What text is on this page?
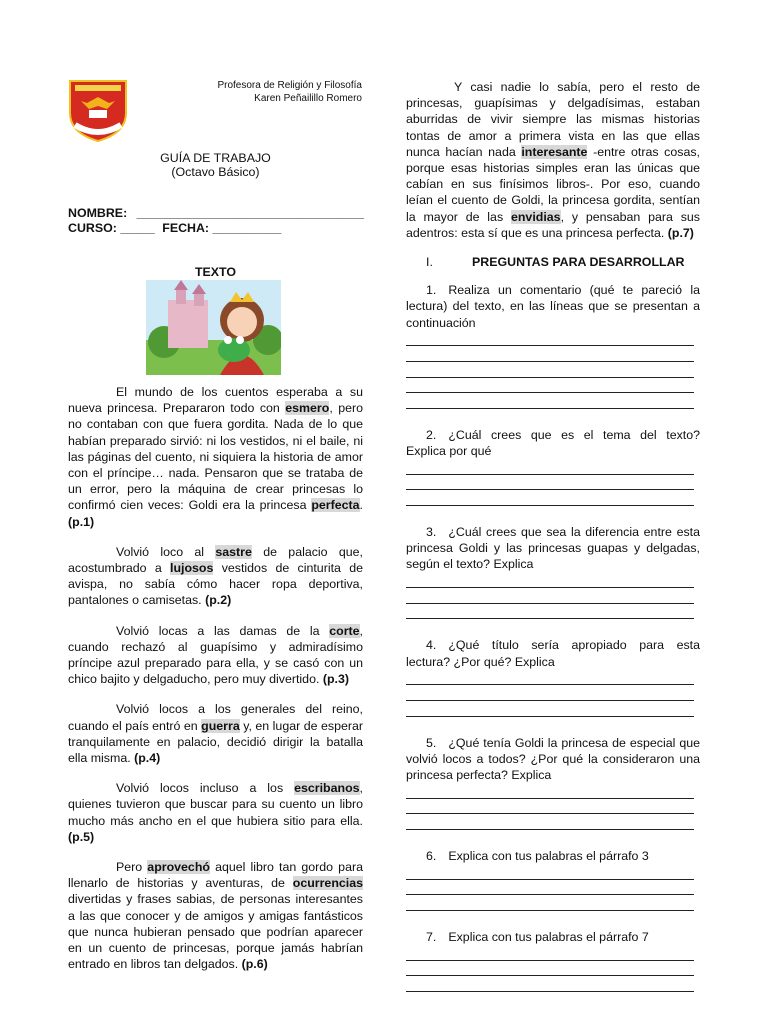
Profesora de Religión y Filosofía
Karen Peñailillo Romero
GUÍA DE TRABAJO
(Octavo Básico)
NOMBRE: _________________________________
CURSO: _____ FECHA: __________
TEXTO

El mundo de los cuentos esperaba a su nueva princesa. Prepararon todo con esmero, pero no contaban con que fuera gordita. Nada de lo que habían preparado sirvió: ni los vestidos, ni el baile, ni las páginas del cuento, ni siquiera la historia de amor con el príncipe… nada. Pensaron que se trataba de un error, pero la máquina de crear princesas lo confirmó cien veces: Goldi era la princesa perfecta. (p.1)

Volvió loco al sastre de palacio que, acostumbrado a lujosos vestidos de cinturita de avispa, no sabía cómo hacer ropa deportiva, pantalones o camisetas. (p.2)

Volvió locas a las damas de la corte, cuando rechazó al guapísimo y admiradísimo príncipe azul preparado para ella, y se casó con un chico bajito y delgaducho, pero muy divertido. (p.3)

Volvió locos a los generales del reino, cuando el país entró en guerra y, en lugar de esperar tranquilamente en palacio, decidió dirigir la batalla ella misma. (p.4)

Volvió locos incluso a los escribanos, quienes tuvieron que buscar para su cuento un libro mucho más ancho en el que hubiera sitio para ella. (p.5)

Pero aprovechó aquel libro tan gordo para llenarlo de historias y aventuras, de ocurrencias divertidas y frases sabias, de personas interesantes a las que conocer y de amigos y amigas fantásticos que nunca hubieran pensado que podrían aparecer en un cuento de princesas, porque jamás habrían entrado en libros tan delgados. (p.6)

Y casi nadie lo sabía, pero el resto de princesas, guapísimas y delgadísimas, estaban aburridas de vivir siempre las mismas historias tontas de amor a primera vista en las que ellas nunca hacían nada interesante -entre otras cosas, porque esas historias simples eran las únicas que cabían en sus finísimos libros-. Por eso, cuando leían el cuento de Goldi, la princesa gordita, sentían la mayor de las envidias, y pensaban para sus adentros: esta sí que es una princesa perfecta. (p.7)

I.	PREGUNTAS PARA DESARROLLAR

1. Realiza un comentario (qué te pareció la lectura) del texto, en las líneas que se presentan a continuación

2. ¿Cuál crees que es el tema del texto? Explica por qué

3. ¿Cuál crees que sea la diferencia entre esta princesa Goldi y las princesas guapas y delgadas, según el texto? Explica

4. ¿Qué título sería apropiado para esta lectura? ¿Por qué? Explica

5. ¿Qué tenía Goldi la princesa de especial que volvió locos a todos? ¿Por qué la consideraron una princesa perfecta? Explica

6. Explica con tus palabras el párrafo 3

7. Explica con tus palabras el párrafo 7
